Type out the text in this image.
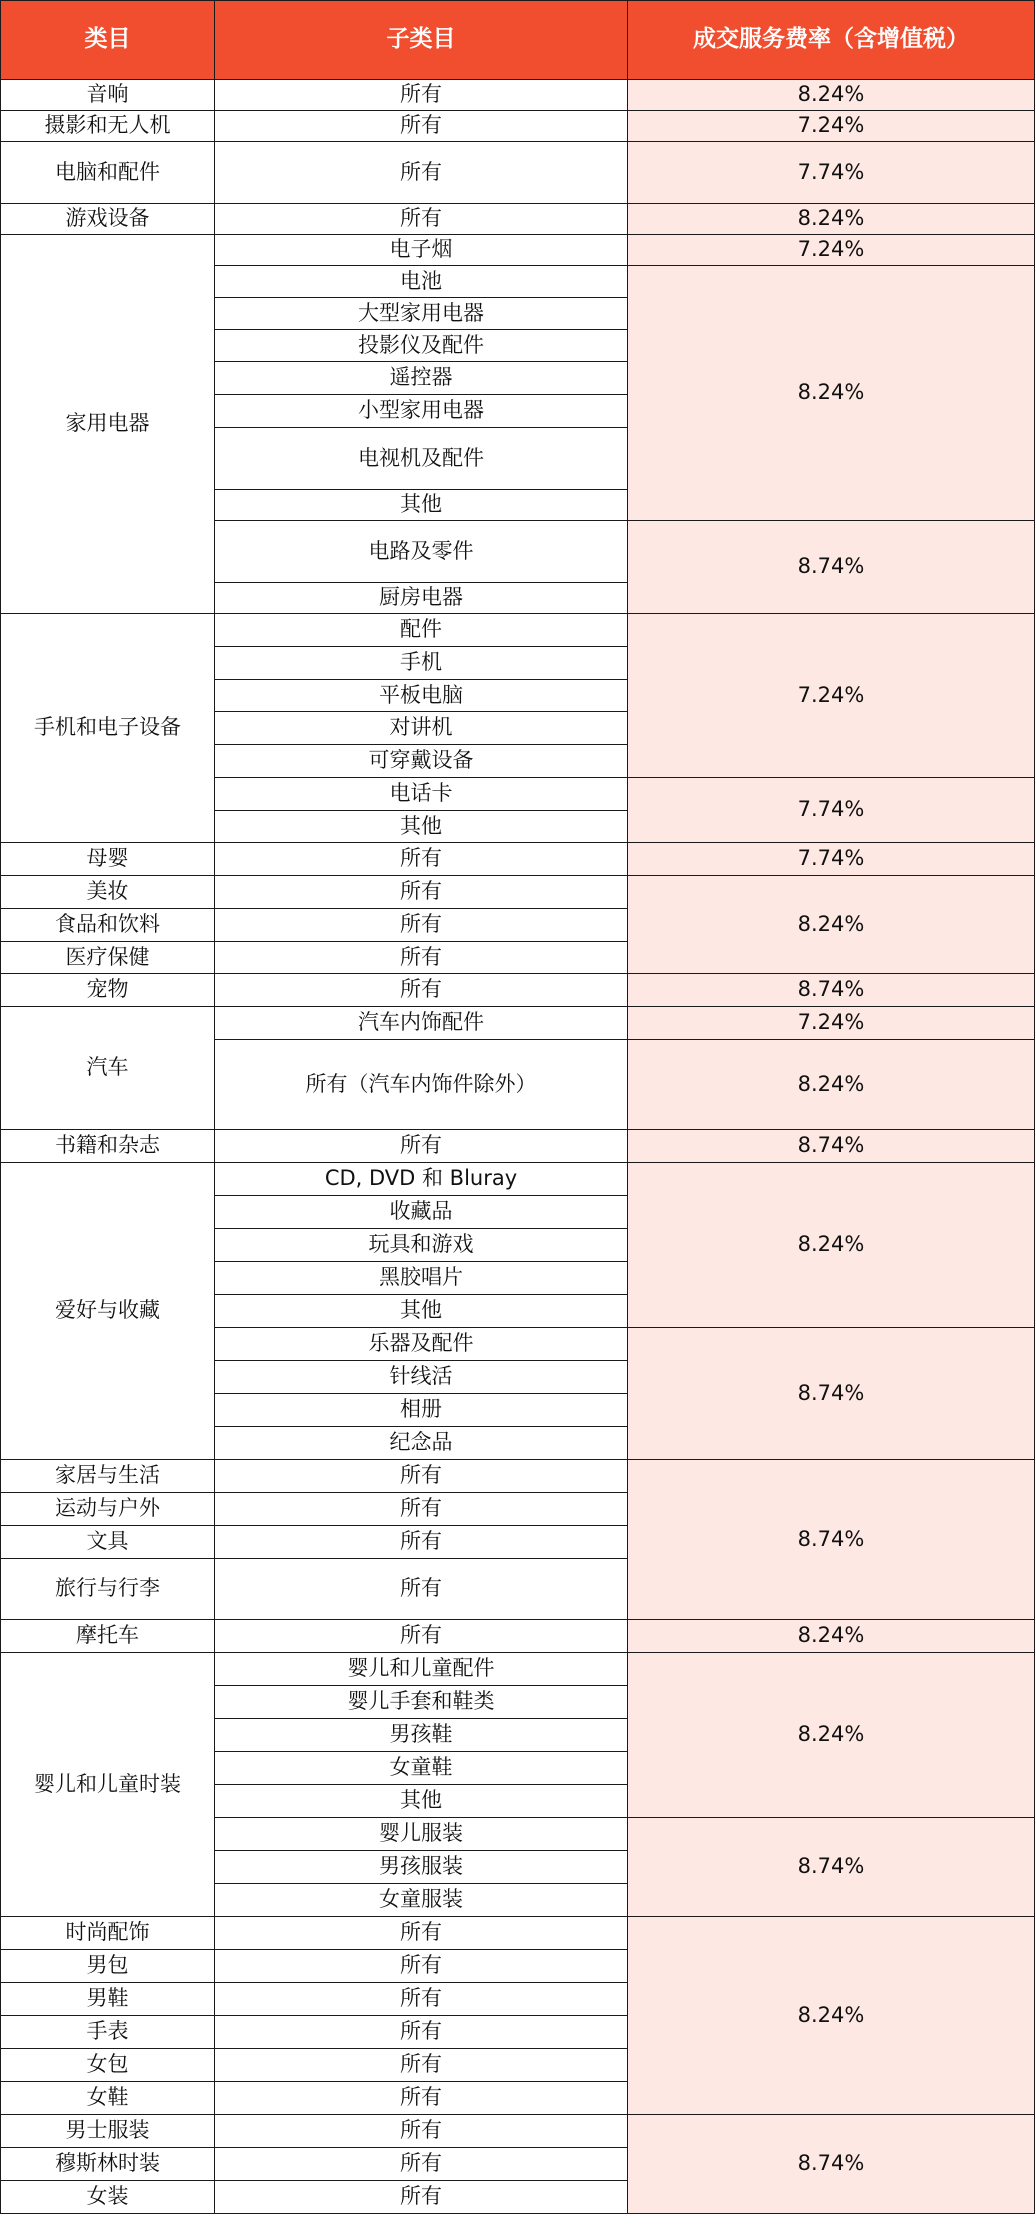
类目	子类目	成交服务费率（含增值税）
音响	所有	8.24%
摄影和无人机	所有	7.24%
电脑和配件	所有	7.74%
游戏设备	所有	8.24%
家用电器	电子烟	7.24%
	电池	8.24%
	大型家用电器	
	投影仪及配件	
	遥控器	
	小型家用电器	
	电视机及配件	
	其他	
	电路及零件	8.74%
	厨房电器	
手机和电子设备	配件	7.24%
	手机	
	平板电脑	
	对讲机	
	可穿戴设备	
	电话卡	7.74%
	其他	
母婴	所有	7.74%
美妆	所有	8.24%
食品和饮料	所有	
医疗保健	所有	
宠物	所有	8.74%
汽车	汽车内饰配件	7.24%
	所有（汽车内饰件除外）	8.24%
书籍和杂志	所有	8.74%
爱好与收藏	CD, DVD 和 Bluray	8.24%
	收藏品	
	玩具和游戏	
	黑胶唱片	
	其他	
	乐器及配件	8.74%
	针线活	
	相册	
	纪念品	
家居与生活	所有	8.74%
运动与户外	所有	
文具	所有	
旅行与行李	所有	
摩托车	所有	8.24%
婴儿和儿童时装	婴儿和儿童配件	8.24%
	婴儿手套和鞋类	
	男孩鞋	
	女童鞋	
	其他	
	婴儿服装	8.74%
	男孩服装	
	女童服装	
时尚配饰	所有	8.24%
男包	所有	
男鞋	所有	
手表	所有	
女包	所有	
女鞋	所有	
男士服装	所有	8.74%
穆斯林时装	所有	
女装	所有	
